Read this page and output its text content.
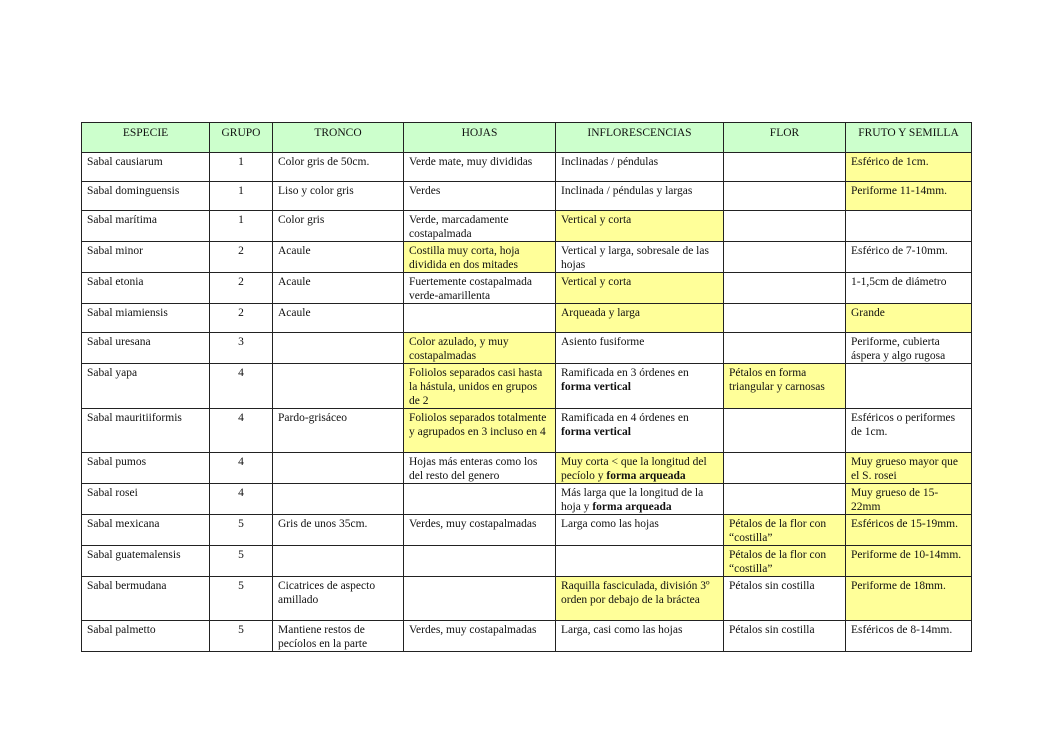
ESPECIE	GRUPO	TRONCO	HOJAS	INFLORESCENCIAS	FLOR	FRUTO Y SEMILLA
Sabal causiarum	1	Color gris de 50cm.	Verde mate, muy divididas	Inclinadas / péndulas		Esférico de 1cm.
Sabal dominguensis	1	Liso y color gris	Verdes	Inclinada / péndulas y largas		Periforme 11-14mm.
Sabal marítima	1	Color gris	Verde, marcadamente costapalmada	Vertical y corta		
Sabal minor	2	Acaule	Costilla muy corta, hoja dividida en dos mitades	Vertical y larga, sobresale de las hojas		Esférico de 7-10mm.
Sabal etonia	2	Acaule	Fuertemente costapalmada verde-amarillenta	Vertical y corta		1-1,5cm de diámetro
Sabal miamiensis	2	Acaule		Arqueada y larga		Grande
Sabal uresana	3		Color azulado, y muy costapalmadas	Asiento fusiforme		Periforme, cubierta áspera y algo rugosa
Sabal yapa	4		Foliolos separados casi hasta la hástula, unidos en grupos de 2	Ramificada en 3 órdenes en forma vertical	Pétalos en forma triangular y carnosas	
Sabal mauritiiformis	4	Pardo-grisáceo	Foliolos separados totalmente y agrupados en 3 incluso en 4	Ramificada en 4 órdenes en forma vertical		Esféricos o periformes de 1cm.
Sabal pumos	4		Hojas más enteras como los del resto del genero	Muy corta < que la longitud del pecíolo y forma arqueada		Muy grueso mayor que el S. rosei
Sabal rosei	4			Más larga que la longitud de la hoja y forma arqueada		Muy grueso de 15-22mm
Sabal mexicana	5	Gris de unos 35cm.	Verdes, muy costapalmadas	Larga como las hojas	Pétalos de la flor con “costilla”	Esféricos de 15-19mm.
Sabal guatemalensis	5				Pétalos de la flor con “costilla”	Periforme de 10-14mm.
Sabal bermudana	5	Cicatrices de aspecto amillado		Raquilla fasciculada, división 3º orden por debajo de la bráctea	Pétalos sin costilla	Periforme de 18mm.
Sabal palmetto	5	Mantiene restos de pecíolos en la parte	Verdes, muy costapalmadas	Larga, casi como las hojas	Pétalos sin costilla	Esféricos de 8-14mm.
